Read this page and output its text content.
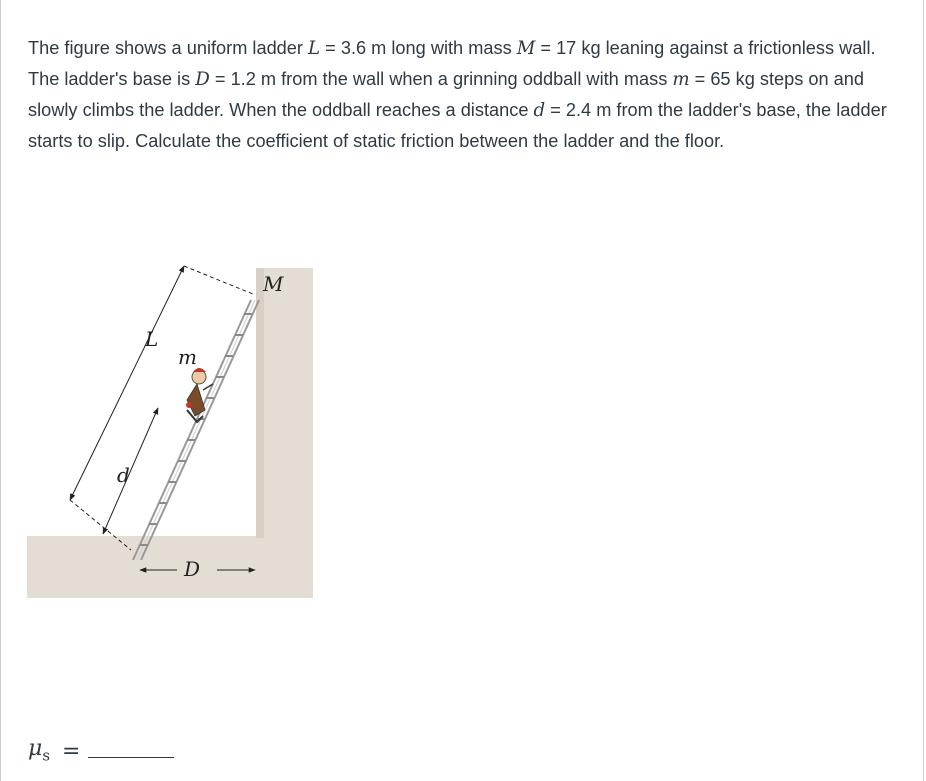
The figure shows a uniform ladder L = 3.6 m long with mass M = 17 kg leaning against a frictionless wall. The ladder's base is D = 1.2 m from the wall when a grinning oddball with mass m = 65 kg steps on and slowly climbs the ladder. When the oddball reaches a distance d = 2.4 m from the ladder's base, the ladder starts to slip. Calculate the coefficient of static friction between the ladder and the floor.
M
L
m
d
D
$\mu_s$ =
